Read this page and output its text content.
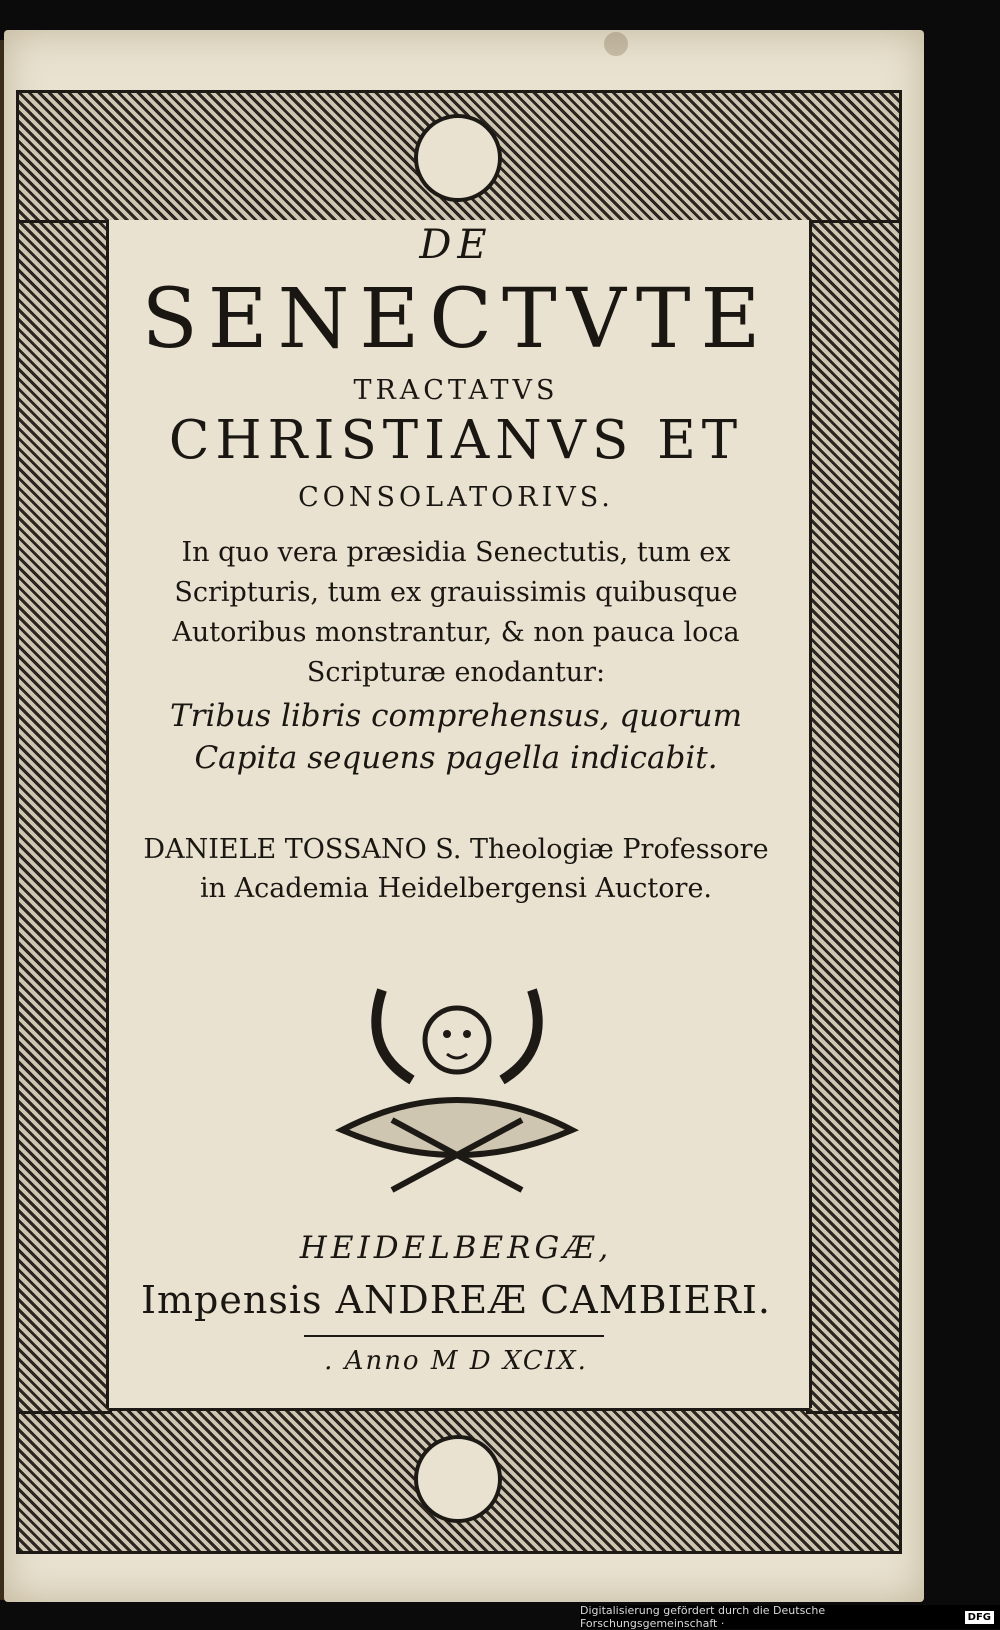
DE
SENECTVTE
TRACTATVS
CHRISTIANVS ET
CONSOLATORIVS.
In quo vera præsidia Senectutis, tum ex Scripturis, tum ex grauissimis quibusque Autoribus monstrantur, & non pauca loca Scripturæ enodantur:
Tribus libris comprehensus, quorum Capita sequens pagella indicabit.
DANIELE TOSSANO S. Theologiæ Professore in Academia Heidelbergensi Auctore.
HEIDELBERGÆ,
Impensis ANDREÆ CAMBIERI.
. Anno M D XCIX.
Digitalisierung gefördert durch die Deutsche Forschungsgemeinschaft ·	DFG
